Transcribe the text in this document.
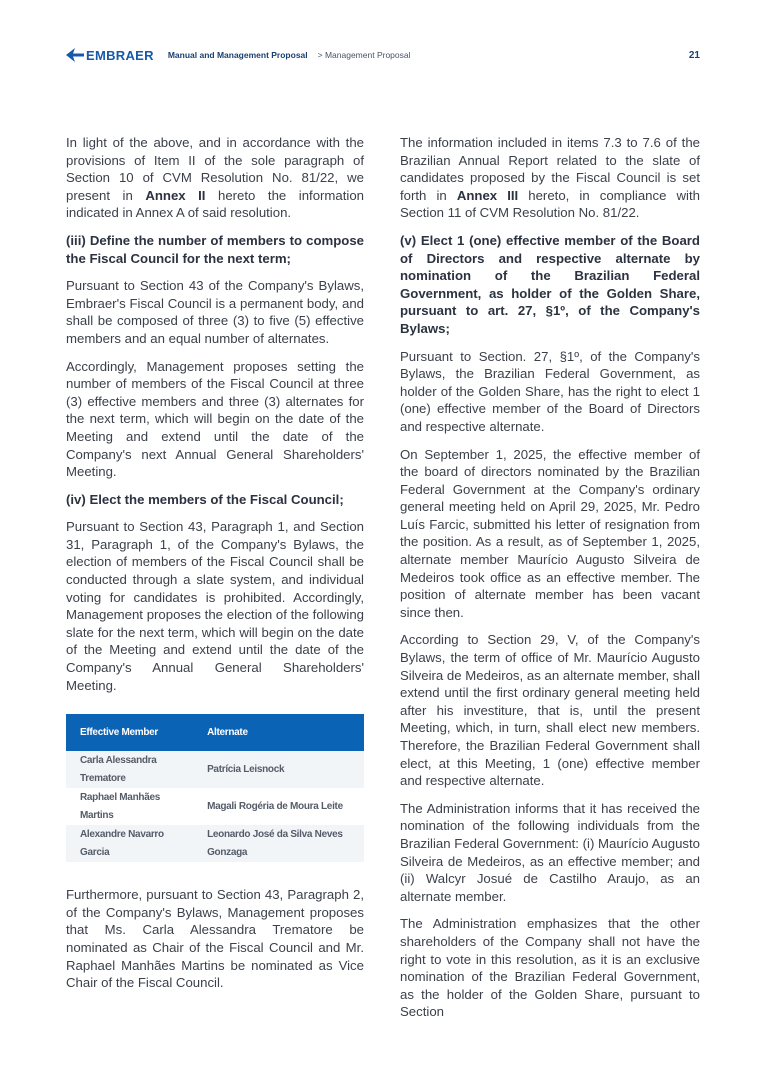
EMBRAER Manual and Management Proposal > Management Proposal	21

In light of the above, and in accordance with the provisions of Item II of the sole paragraph of Section 10 of CVM Resolution No. 81/22, we present in Annex II hereto the information indicated in Annex A of said resolution.

(iii) Define the number of members to compose the Fiscal Council for the next term;

Pursuant to Section 43 of the Company's Bylaws, Embraer's Fiscal Council is a permanent body, and shall be composed of three (3) to five (5) effective members and an equal number of alternates.

Accordingly, Management proposes setting the number of members of the Fiscal Council at three (3) effective members and three (3) alternates for the next term, which will begin on the date of the Meeting and extend until the date of the Company's next Annual General Shareholders' Meeting.

(iv) Elect the members of the Fiscal Council;

Pursuant to Section 43, Paragraph 1, and Section 31, Paragraph 1, of the Company's Bylaws, the election of members of the Fiscal Council shall be conducted through a slate system, and individual voting for candidates is prohibited. Accordingly, Management proposes the election of the following slate for the next term, which will begin on the date of the Meeting and extend until the date of the Company's Annual General Shareholders' Meeting.

Effective Member	Alternate
Carla Alessandra Trematore	Patrícia Leisnock
Raphael Manhães Martins	Magali Rogéria de Moura Leite
Alexandre Navarro Garcia	Leonardo José da Silva Neves Gonzaga

Furthermore, pursuant to Section 43, Paragraph 2, of the Company's Bylaws, Management proposes that Ms. Carla Alessandra Trematore be nominated as Chair of the Fiscal Council and Mr. Raphael Manhães Martins be nominated as Vice Chair of the Fiscal Council.

The information included in items 7.3 to 7.6 of the Brazilian Annual Report related to the slate of candidates proposed by the Fiscal Council is set forth in Annex III hereto, in compliance with Section 11 of CVM Resolution No. 81/22.

(v) Elect 1 (one) effective member of the Board of Directors and respective alternate by nomination of the Brazilian Federal Government, as holder of the Golden Share, pursuant to art. 27, §1º, of the Company's Bylaws;

Pursuant to Section. 27, §1º, of the Company's Bylaws, the Brazilian Federal Government, as holder of the Golden Share, has the right to elect 1 (one) effective member of the Board of Directors and respective alternate.

On September 1, 2025, the effective member of the board of directors nominated by the Brazilian Federal Government at the Company's ordinary general meeting held on April 29, 2025, Mr. Pedro Luís Farcic, submitted his letter of resignation from the position. As a result, as of September 1, 2025, alternate member Maurício Augusto Silveira de Medeiros took office as an effective member. The position of alternate member has been vacant since then.

According to Section 29, V, of the Company's Bylaws, the term of office of Mr. Maurício Augusto Silveira de Medeiros, as an alternate member, shall extend until the first ordinary general meeting held after his investiture, that is, until the present Meeting, which, in turn, shall elect new members. Therefore, the Brazilian Federal Government shall elect, at this Meeting, 1 (one) effective member and respective alternate.

The Administration informs that it has received the nomination of the following individuals from the Brazilian Federal Government: (i) Maurício Augusto Silveira de Medeiros, as an effective member; and (ii) Walcyr Josué de Castilho Araujo, as an alternate member.

The Administration emphasizes that the other shareholders of the Company shall not have the right to vote in this resolution, as it is an exclusive nomination of the Brazilian Federal Government, as the holder of the Golden Share, pursuant to Section
